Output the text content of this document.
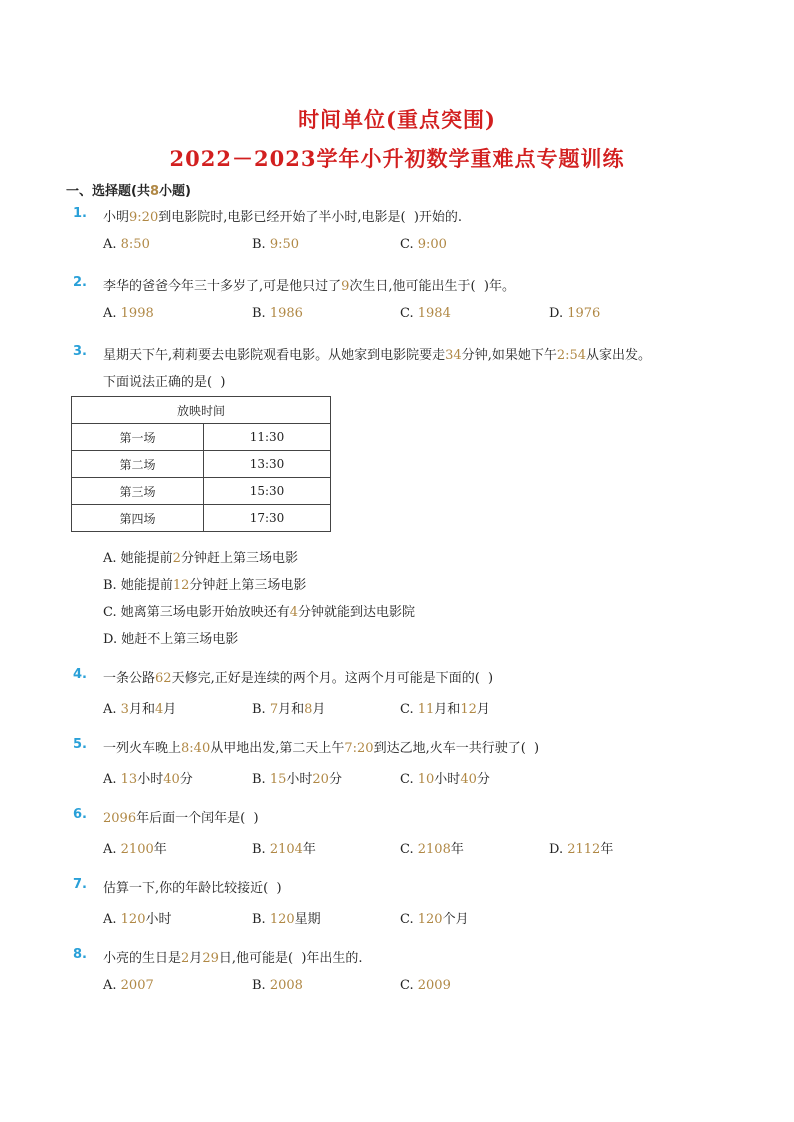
时间单位(重点突围)
2022－2023学年小升初数学重难点专题训练
一、选择题(共8小题)
1. 小明9:20到电影院时,电影已经开始了半小时,电影是( )开始的.
A. 8:50	B. 9:50	C. 9:00
2. 李华的爸爸今年三十多岁了,可是他只过了9次生日,他可能出生于( )年。
A. 1998	B. 1986	C. 1984	D. 1976
3. 星期天下午,莉莉要去电影院观看电影。从她家到电影院要走34分钟,如果她下午2:54从家出发。
下面说法正确的是( )
放映时间	
第一场	11:30
第二场	13:30
第三场	15:30
第四场	17:30
A. 她能提前2分钟赶上第三场电影
B. 她能提前12分钟赶上第三场电影
C. 她离第三场电影开始放映还有4分钟就能到达电影院
D. 她赶不上第三场电影
4. 一条公路62天修完,正好是连续的两个月。这两个月可能是下面的( )
A. 3月和4月	B. 7月和8月	C. 11月和12月
5. 一列火车晚上8:40从甲地出发,第二天上午7:20到达乙地,火车一共行驶了( )
A. 13小时40分	B. 15小时20分	C. 10小时40分
6. 2096年后面一个闰年是( )
A. 2100年	B. 2104年	C. 2108年	D. 2112年
7. 估算一下,你的年龄比较接近( )
A. 120小时	B. 120星期	C. 120个月
8. 小亮的生日是2月29日,他可能是( )年出生的.
A. 2007	B. 2008	C. 2009
